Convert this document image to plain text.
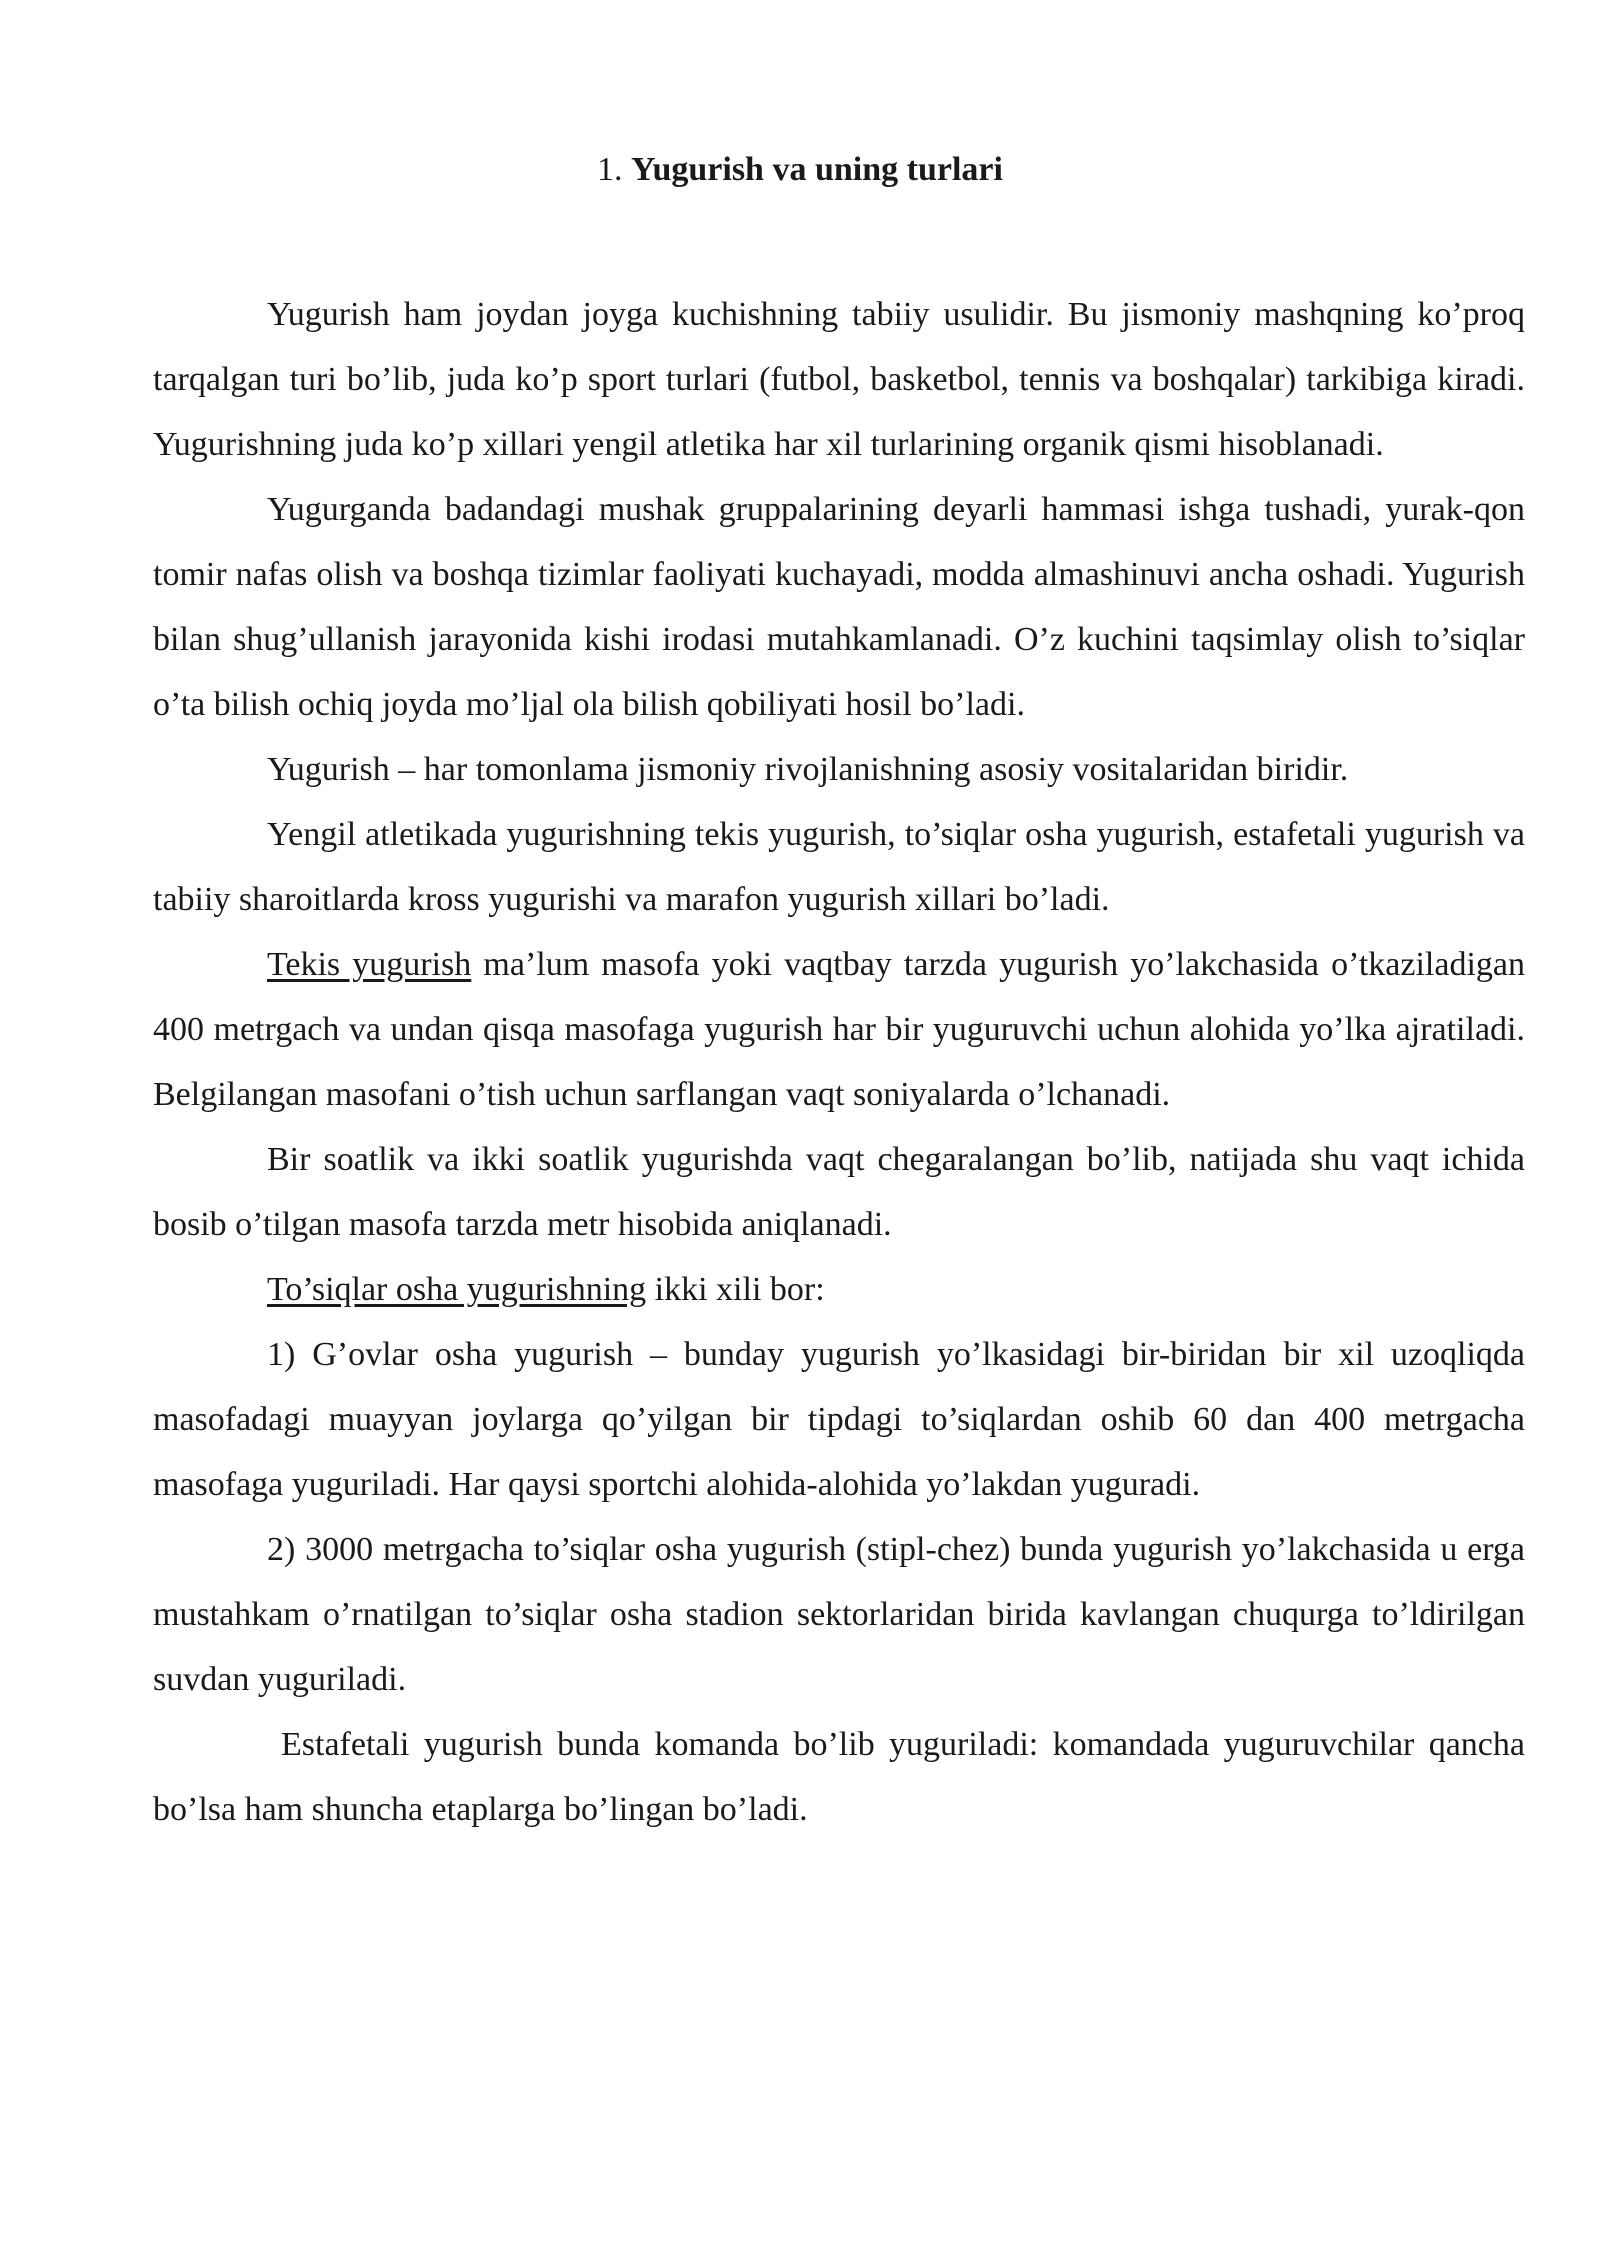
1. Yugurish va uning turlari

Yugurish ham joydan joyga kuchishning tabiiy usulidir. Bu jismoniy mashqning ko’proq tarqalgan turi bo’lib, juda ko’p sport turlari (futbol, basketbol, tennis va boshqalar) tarkibiga kiradi. Yugurishning juda ko’p xillari yengil atletika har xil turlarining organik qismi hisoblanadi.

Yugurganda badandagi mushak gruppalarining deyarli hammasi ishga tushadi, yurak-qon tomir nafas olish va boshqa tizimlar faoliyati kuchayadi, modda almashinuvi ancha oshadi. Yugurish bilan shug’ullanish jarayonida kishi irodasi mutahkamlanadi. O’z kuchini taqsimlay olish to’siqlar o’ta bilish ochiq joyda mo’ljal ola bilish qobiliyati hosil bo’ladi.

Yugurish – har tomonlama jismoniy rivojlanishning asosiy vositalaridan biridir.

Yengil atletikada yugurishning tekis yugurish, to’siqlar osha yugurish, estafetali yugurish va tabiiy sharoitlarda kross yugurishi va marafon yugurish xillari bo’ladi.

Tekis yugurish ma’lum masofa yoki vaqtbay tarzda yugurish yo’lakchasida o’tkaziladigan 400 metrgach va undan qisqa masofaga yugurish har bir yuguruvchi uchun alohida yo’lka ajratiladi. Belgilangan masofani o’tish uchun sarflangan vaqt soniyalarda o’lchanadi.

Bir soatlik va ikki soatlik yugurishda vaqt chegaralangan bo’lib, natijada shu vaqt ichida bosib o’tilgan masofa tarzda metr hisobida aniqlanadi.

To’siqlar osha yugurishning ikki xili bor:

1) G’ovlar osha yugurish – bunday yugurish yo’lkasidagi bir-biridan bir xil uzoqliqda masofadagi muayyan joylarga qo’yilgan bir tipdagi to’siqlardan oshib 60 dan 400 metrgacha masofaga yuguriladi. Har qaysi sportchi alohida-alohida yo’lakdan yuguradi.

2) 3000 metrgacha to’siqlar osha yugurish (stipl-chez) bunda yugurish yo’lakchasida u erga mustahkam o’rnatilgan to’siqlar osha stadion sektorlaridan birida kavlangan chuqurga to’ldirilgan suvdan yuguriladi.

Estafetali yugurish bunda komanda bo’lib yuguriladi: komandada yuguruvchilar qancha bo’lsa ham shuncha etaplarga bo’lingan bo’ladi.
